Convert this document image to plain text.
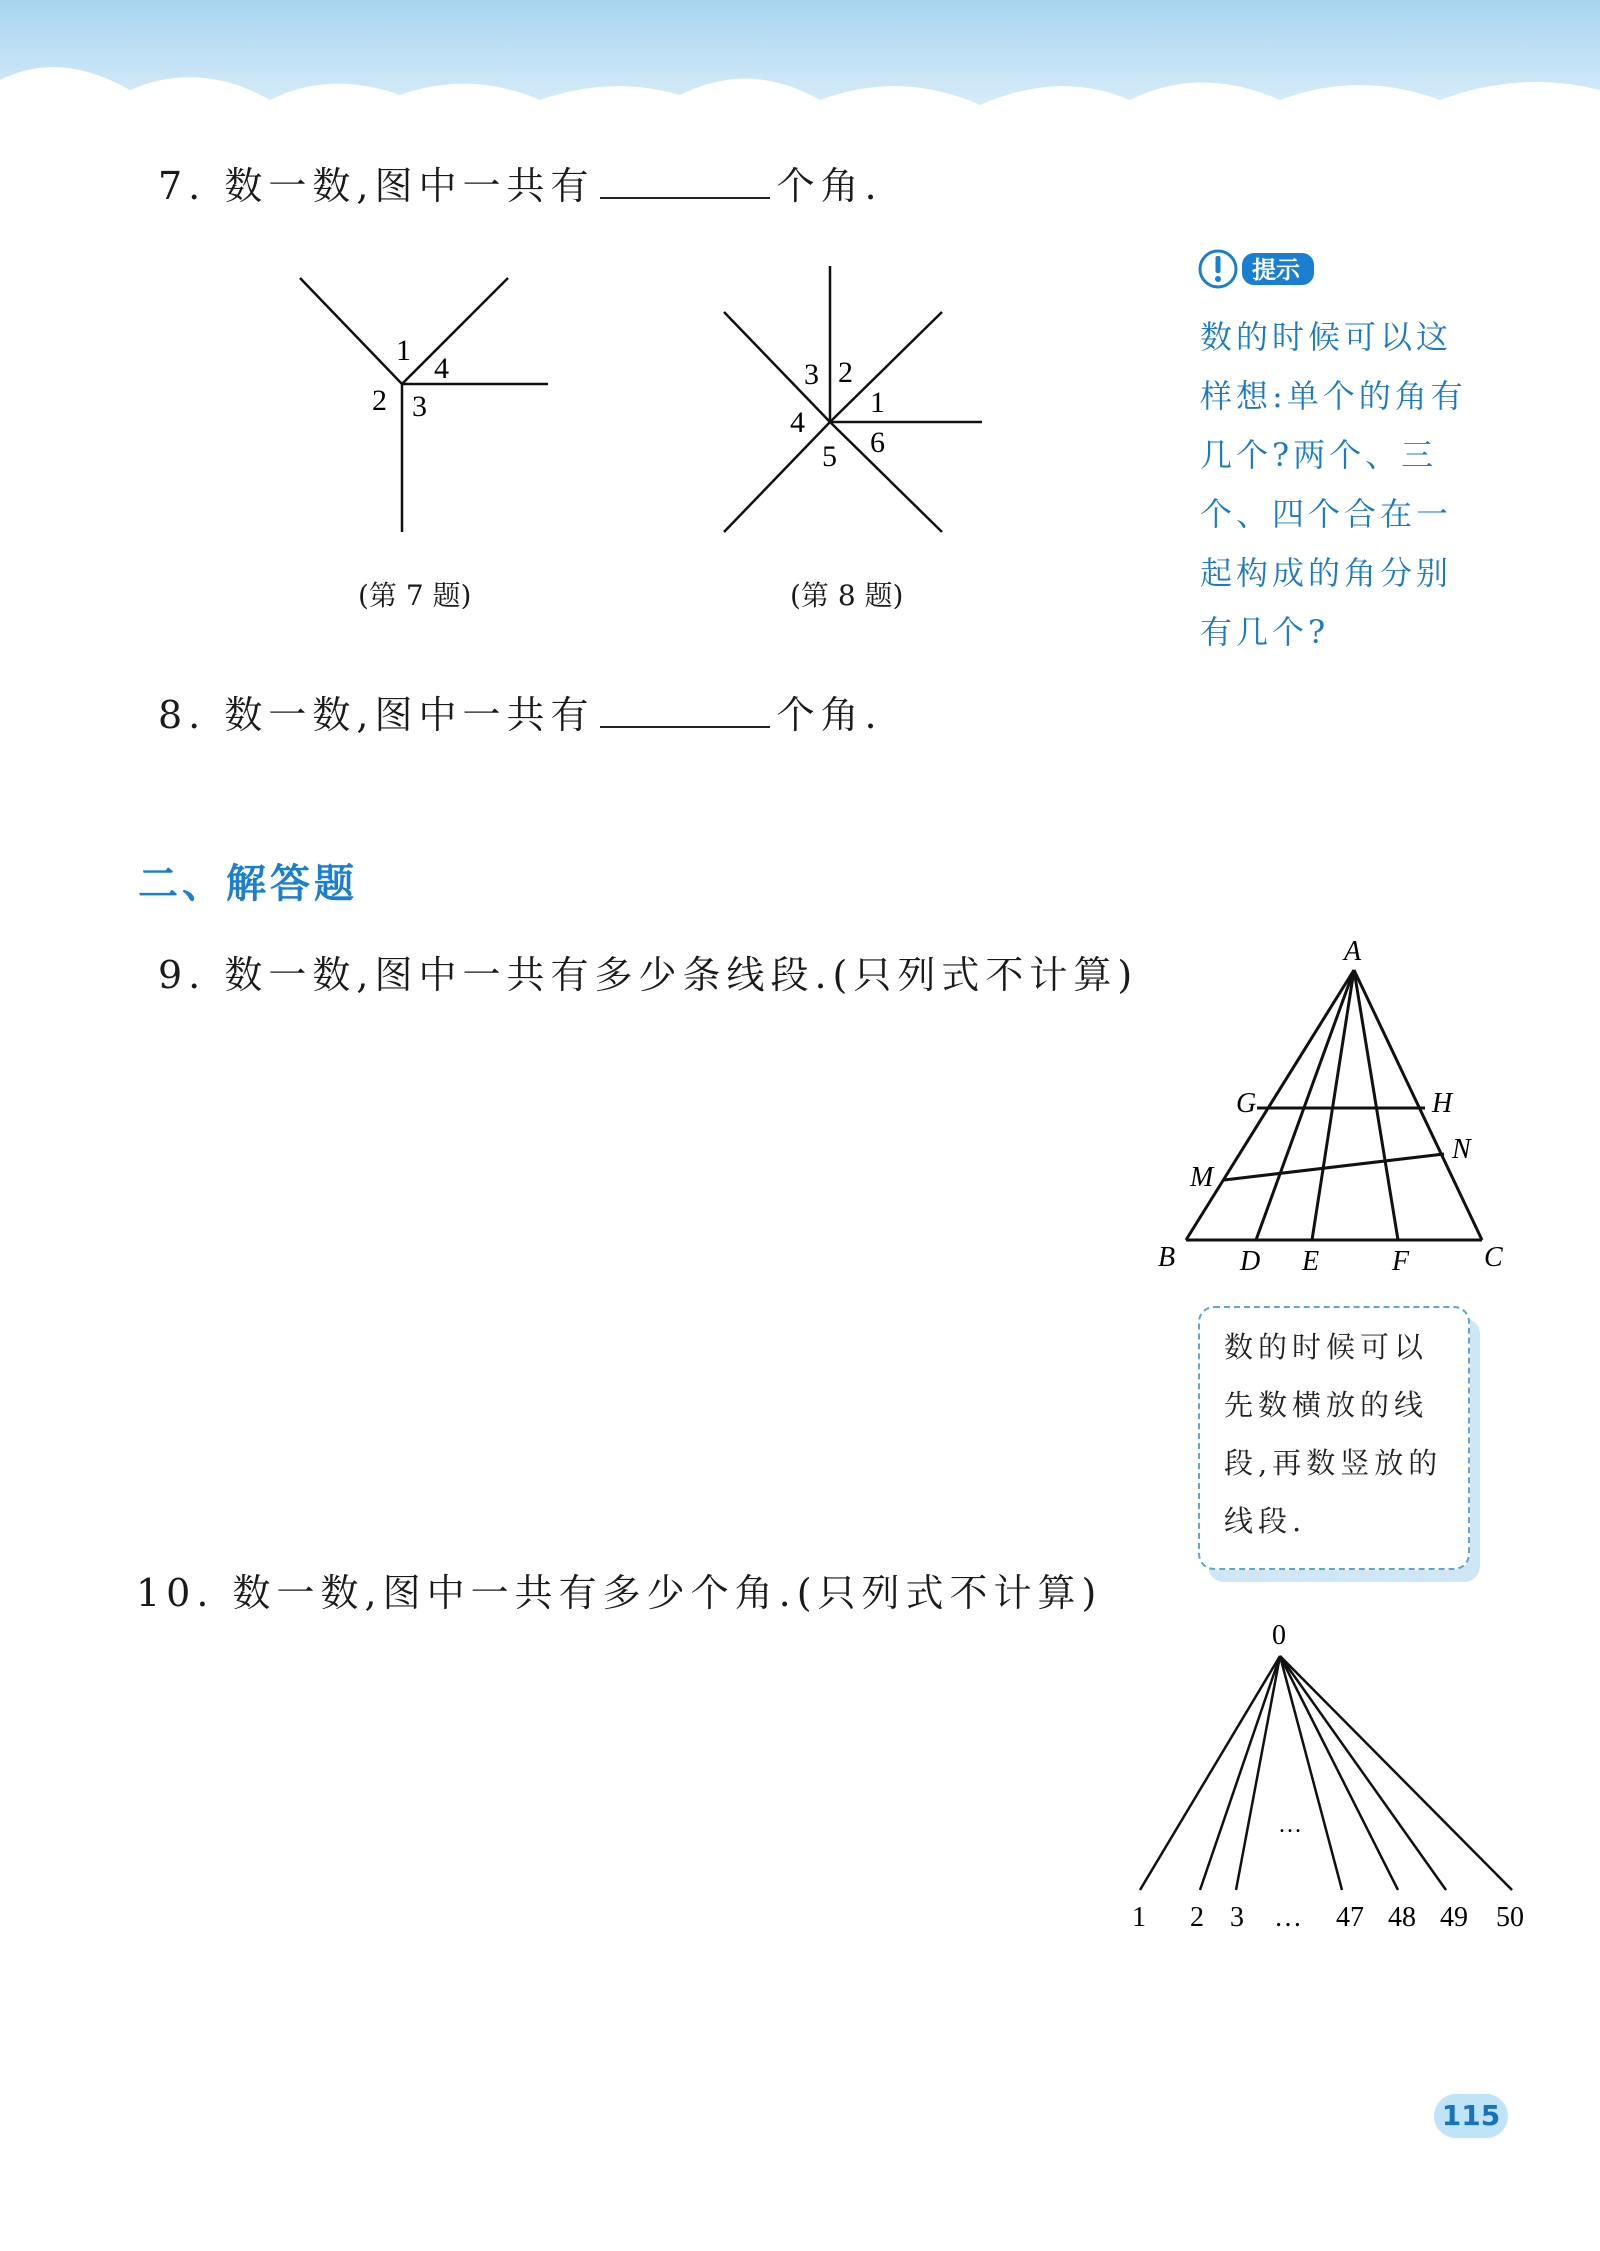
7. 数一数,图中一共有	个角.
1
4
2 3
(第 7 题)
3 2
1
4
6
5
(第 8 题)
提示
数的时候可以这样想:单个的角有几个?两个、三个、四个合在一起构成的角分别有几个?
8. 数一数,图中一共有	个角.
二、解答题
9. 数一数,图中一共有多少条线段.(只列式不计算)
A
G	H
M
N
B D E	F	C
数的时候可以先数横放的线段,再数竖放的线段.
10. 数一数,图中一共有多少个角.(只列式不计算)
0
…
1 2 3 … 47 48 49 50
115
